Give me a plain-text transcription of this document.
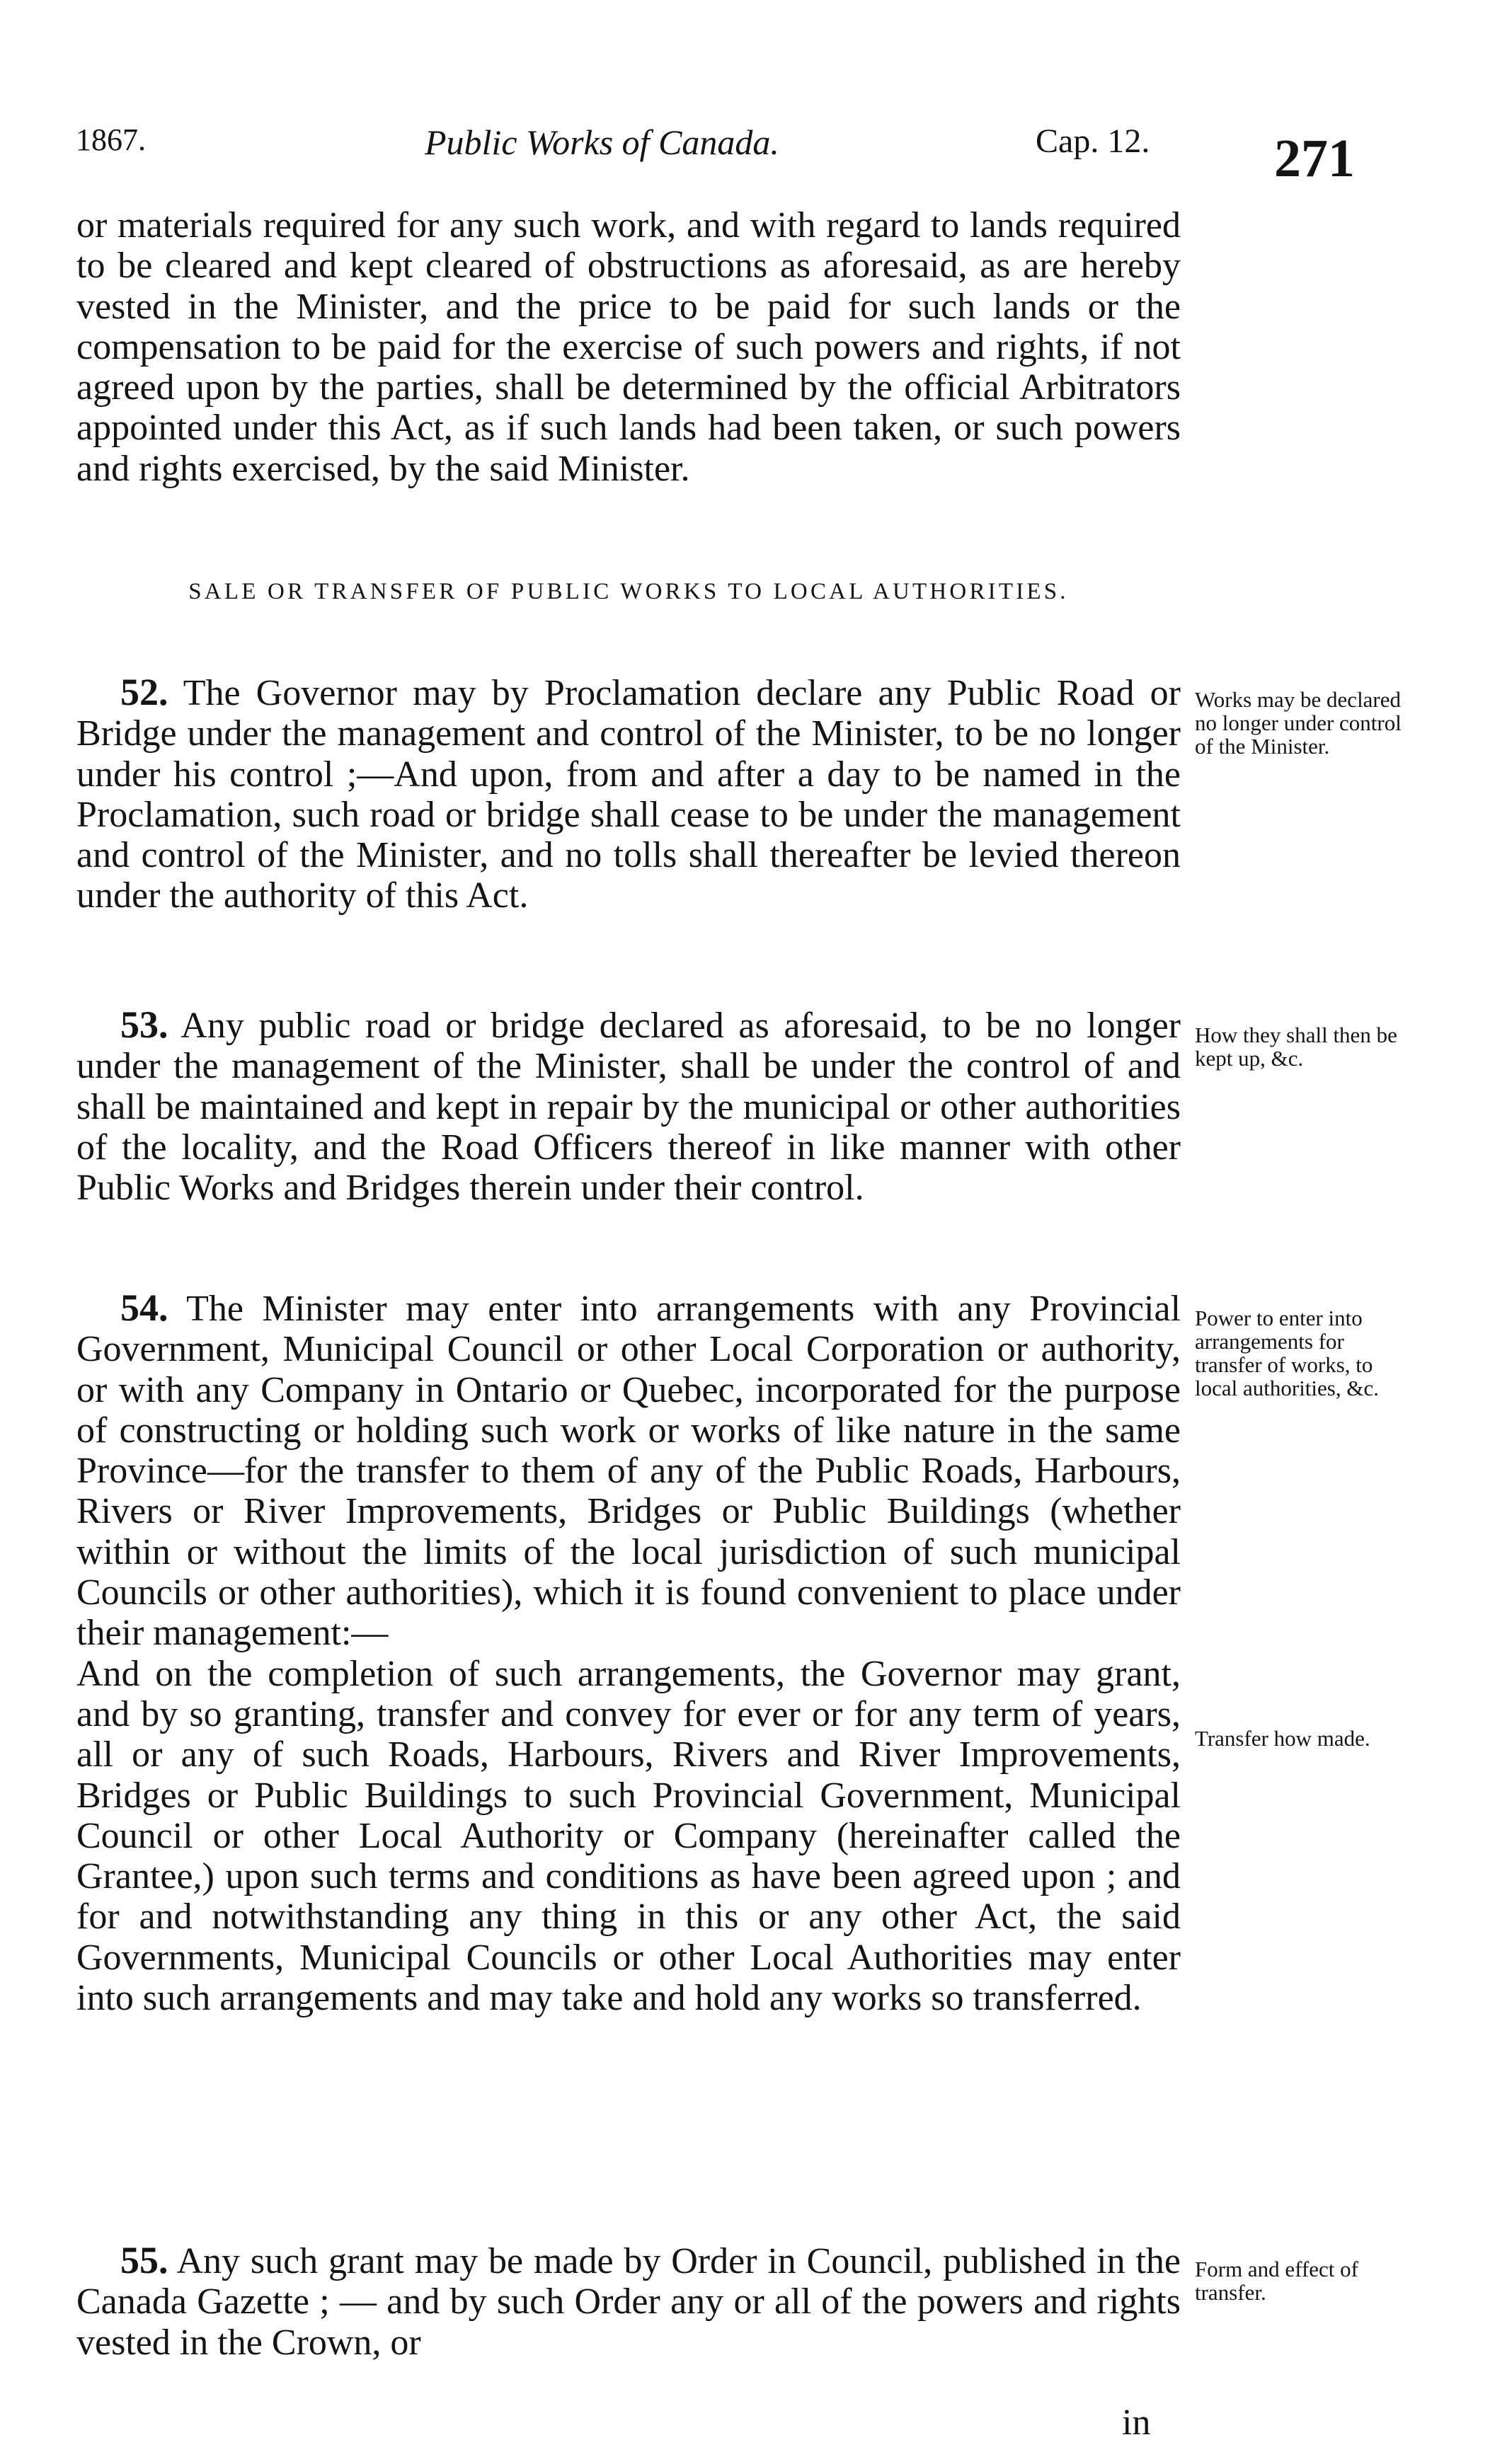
1867.	Public Works of Canada.	Cap. 12. 271

or materials required for any such work, and with regard to lands required to be cleared and kept cleared of obstructions as aforesaid, as are hereby vested in the Minister, and the price to be paid for such lands or the compensation to be paid for the exercise of such powers and rights, if not agreed upon by the parties, shall be determined by the official Arbitrators appointed under this Act, as if such lands had been taken, or such powers and rights exercised, by the said Minister.

SALE OR TRANSFER OF PUBLIC WORKS TO LOCAL AUTHORITIES.

52. The Governor may by Proclamation declare any Public Road or Bridge under the management and control of the Minister, to be no longer under his control ;—And upon, from and after a day to be named in the Proclamation, such road or bridge shall cease to be under the management and control of the Minister, and no tolls shall thereafter be levied thereon under the authority of this Act.

Works may be declared no longer under control of the Minister.

53. Any public road or bridge declared as aforesaid, to be no longer under the management of the Minister, shall be under the control of and shall be maintained and kept in repair by the municipal or other authorities of the locality, and the Road Officers thereof in like manner with other Public Works and Bridges therein under their control.

How they shall then be kept up, &c.

54. The Minister may enter into arrangements with any Provincial Government, Municipal Council or other Local Corporation or authority, or with any Company in Ontario or Quebec, incorporated for the purpose of constructing or holding such work or works of like nature in the same Province—for the transfer to them of any of the Public Roads, Harbours, Rivers or River Improvements, Bridges or Public Buildings (whether within or without the limits of the local jurisdiction of such municipal Councils or other authorities), which it is found convenient to place under their management:—

And on the completion of such arrangements, the Governor may grant, and by so granting, transfer and convey for ever or for any term of years, all or any of such Roads, Harbours, Rivers and River Improvements, Bridges or Public Buildings to such Provincial Government, Municipal Council or other Local Authority or Company (hereinafter called the Grantee,) upon such terms and conditions as have been agreed upon ; and for and notwithstanding any thing in this or any other Act, the said Governments, Municipal Councils or other Local Authorities may enter into such arrangements and may take and hold any works so transferred.

Power to enter into arrangements for transfer of works, to local authorities, &c.
Transfer how made.

55. Any such grant may be made by Order in Council, published in the Canada Gazette ; — and by such Order any or all of the powers and rights vested in the Crown, or

Form and effect of transfer.
in
